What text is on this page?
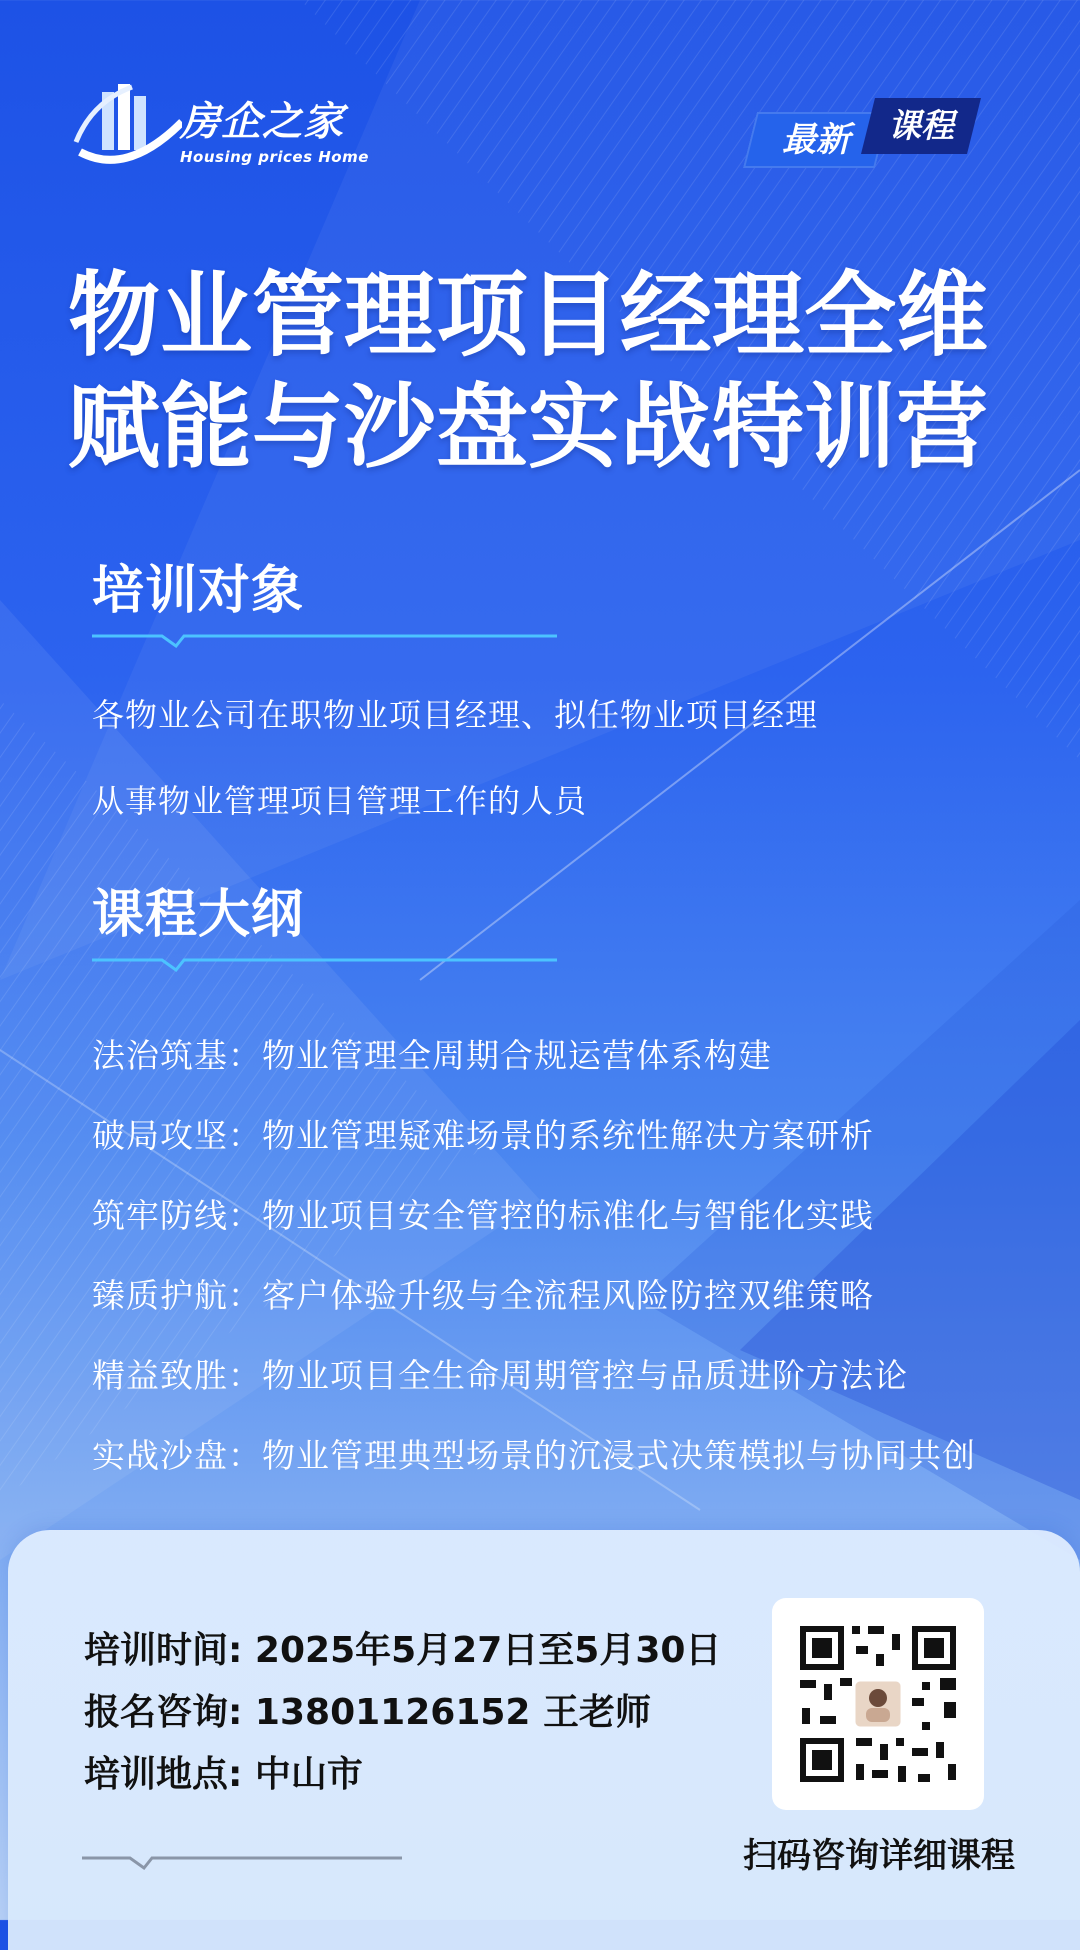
房企之家
Housing prices Home	最新	课程
物业管理项目经理全维
赋能与沙盘实战特训营
培训对象
各物业公司在职物业项目经理、拟任物业项目经理
从事物业管理项目管理工作的人员
课程大纲
法治筑基：物业管理全周期合规运营体系构建
破局攻坚：物业管理疑难场景的系统性解决方案研析
筑牢防线：物业项目安全管控的标准化与智能化实践
臻质护航：客户体验升级与全流程风险防控双维策略
精益致胜：物业项目全生命周期管控与品质进阶方法论
实战沙盘：物业管理典型场景的沉浸式决策模拟与协同共创
培训时间: 2025年5月27日至5月30日
报名咨询: 13801126152 王老师
培训地点: 中山市
扫码咨询详细课程
